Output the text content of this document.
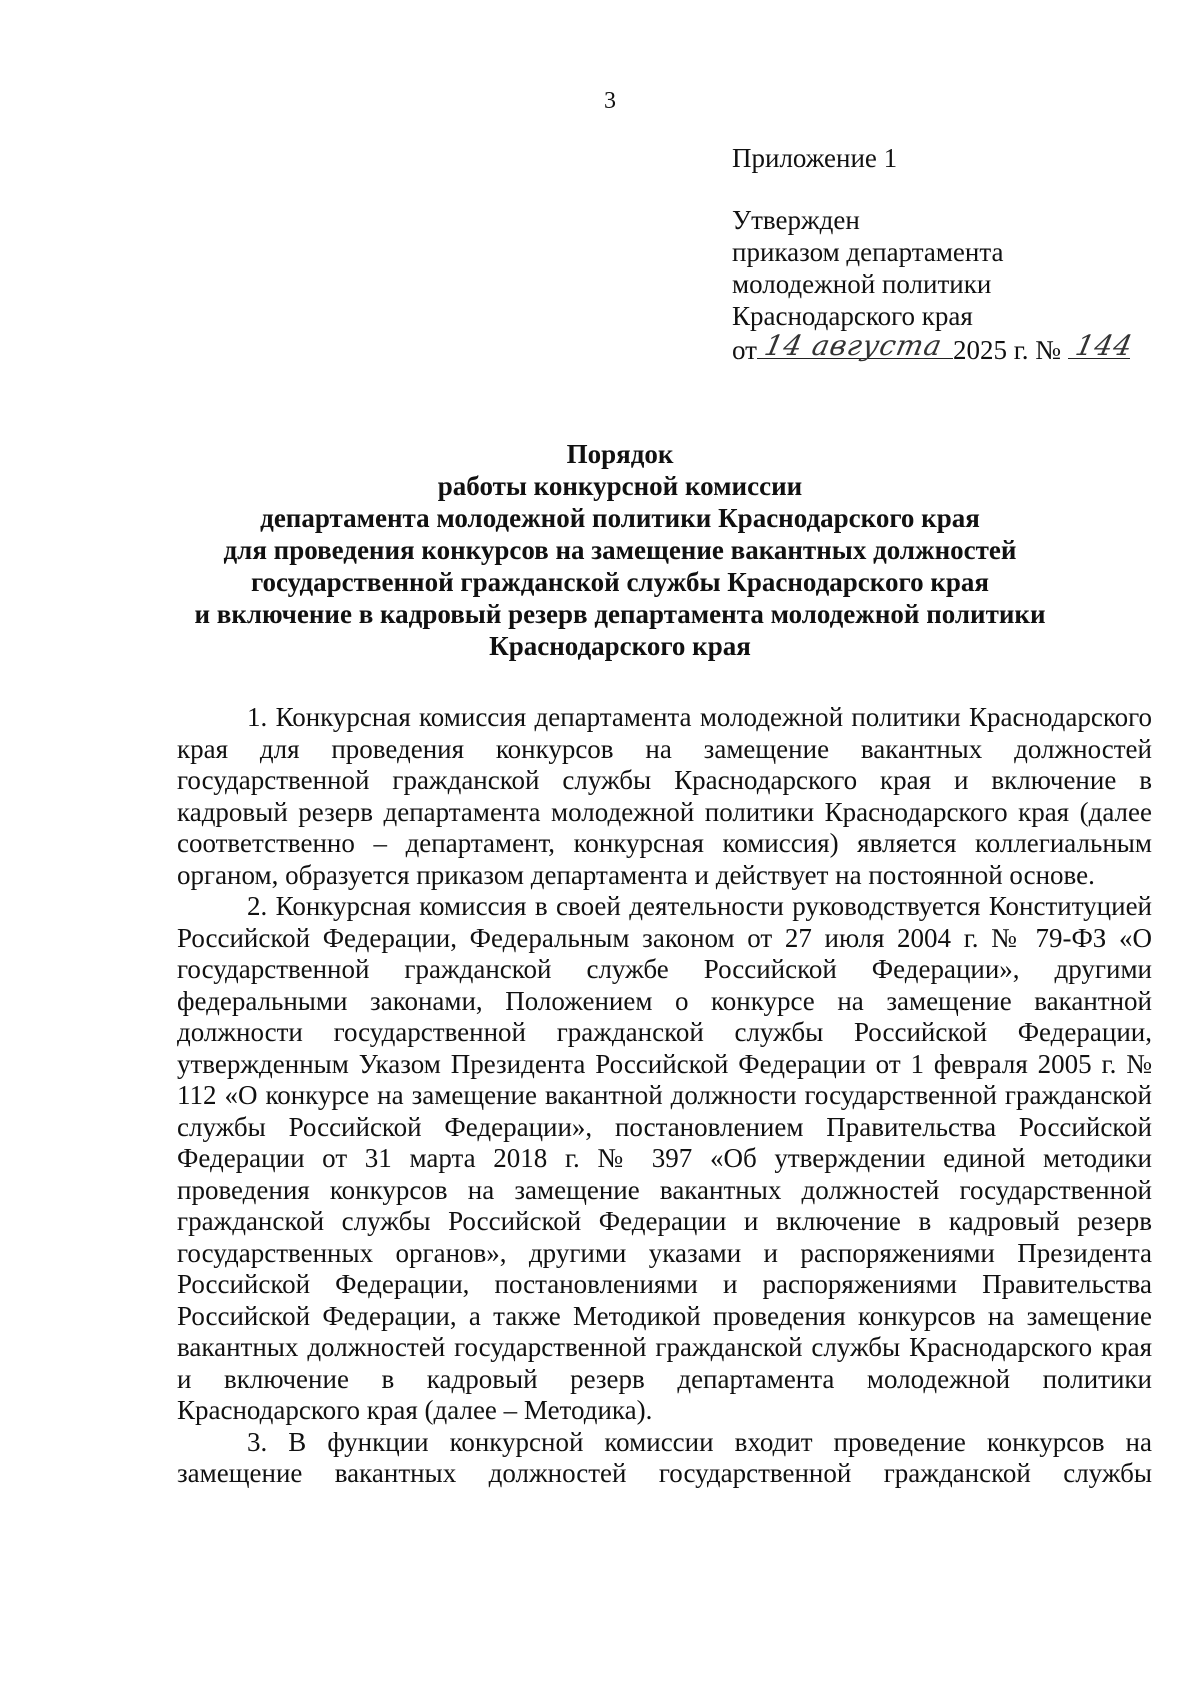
3
Приложение 1
Утвержден
приказом департамента
молодежной политики
Краснодарского края
от 14 августа 2025 г. № 144
Порядок
работы конкурсной комиссии
департамента молодежной политики Краснодарского края
для проведения конкурсов на замещение вакантных должностей
государственной гражданской службы Краснодарского края
и включение в кадровый резерв департамента молодежной политики
Краснодарского края

1. Конкурсная комиссия департамента молодежной политики Краснодарского края для проведения конкурсов на замещение вакантных должностей государственной гражданской службы Краснодарского края и включение в кадровый резерв департамента молодежной политики Краснодарского края (далее соответственно – департамент, конкурсная комиссия) является коллегиальным органом, образуется приказом департамента и действует на постоянной основе.

2. Конкурсная комиссия в своей деятельности руководствуется Конституцией Российской Федерации, Федеральным законом от 27 июля 2004 г. № 79-ФЗ «О государственной гражданской службе Российской Федерации», другими федеральными законами, Положением о конкурсе на замещение вакантной должности государственной гражданской службы Российской Федерации, утвержденным Указом Президента Российской Федерации от 1 февраля 2005 г. № 112 «О конкурсе на замещение вакантной должности государственной гражданской службы Российской Федерации», постановлением Правительства Российской Федерации от 31 марта 2018 г. № 397 «Об утверждении единой методики проведения конкурсов на замещение вакантных должностей государственной гражданской службы Российской Федерации и включение в кадровый резерв государственных органов», другими указами и распоряжениями Президента Российской Федерации, постановлениями и распоряжениями Правительства Российской Федерации, а также Методикой проведения конкурсов на замещение вакантных должностей государственной гражданской службы Краснодарского края и включение в кадровый резерв департамента молодежной политики Краснодарского края (далее – Методика).

3. В функции конкурсной комиссии входит проведение конкурсов на замещение вакантных должностей государственной гражданской службы
